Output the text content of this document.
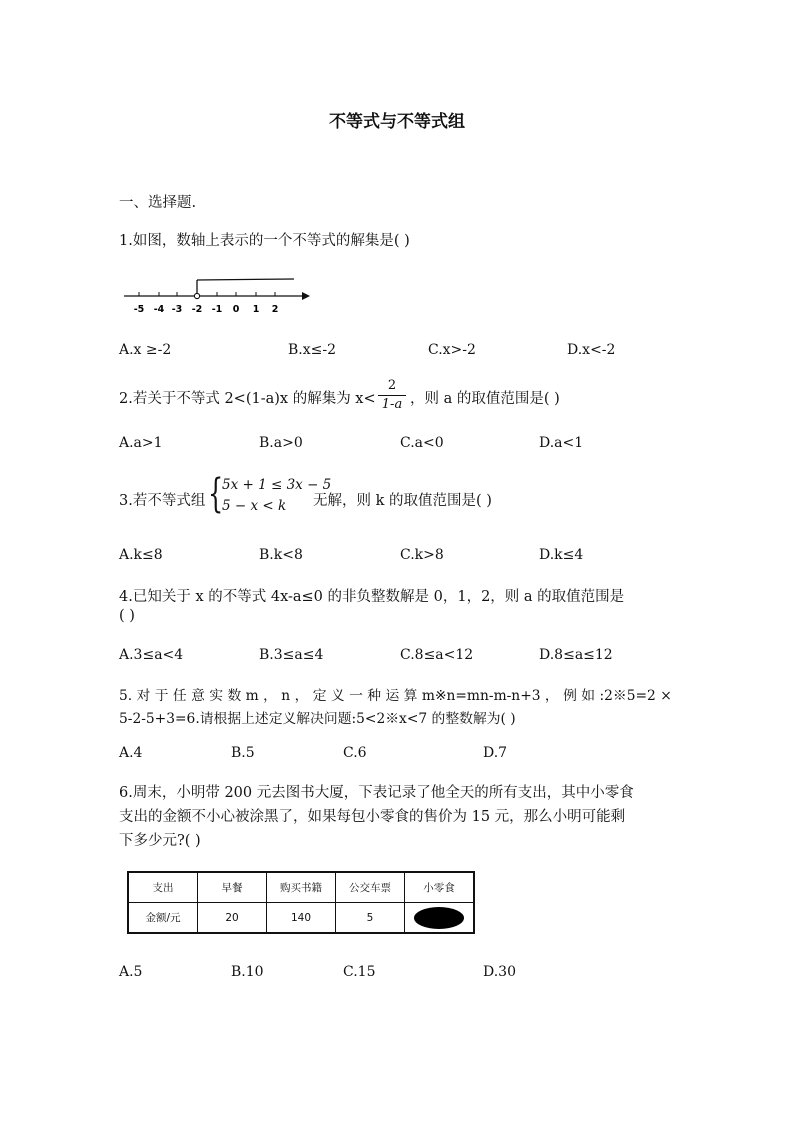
不等式与不等式组
一、选择题.
1.如图，数轴上表示的一个不等式的解集是( )
-5 -4 -3 -2 -1 0 1 2
A.x ≥-2	B.x≤-2	C.x>-2	D.x<-2
2.若关于不等式 2<(1-a)x 的解集为 x<
2
1-a ，则 a 的取值范围是( )
A.a>1	B.a>0	C.a<0	D.a<1
3.若不等式组 {
5x + 1 ≤ 3x − 5
5 − x < k	无解，则 k 的取值范围是( )
A.k≤8	B.k<8	C.k>8	D.k≤4
4.已知关于 x 的不等式 4x-a≤0 的非负整数解是 0，1，2，则 a 的取值范围是
( )
A.3≤a<4	B.3≤a≤4	C.8≤a<12	D.8≤a≤12
5. 对 于 任 意 实 数 m ， n ， 定 义 一 种 运 算 m※n=mn-m-n+3 ， 例 如 :2※5=2 ×
5-2-5+3=6.请根据上述定义解决问题:5<2※x<7 的整数解为( )
A.4	B.5	C.6	D.7
6.周末，小明带 200 元去图书大厦，下表记录了他全天的所有支出，其中小零食
支出的金额不小心被涂黑了，如果每包小零食的售价为 15 元，那么小明可能剩
下多少元?( )
支出	早餐	购买书籍	公交车票	小零食
金额/元	20	140	5	
A.5	B.10	C.15	D.30
